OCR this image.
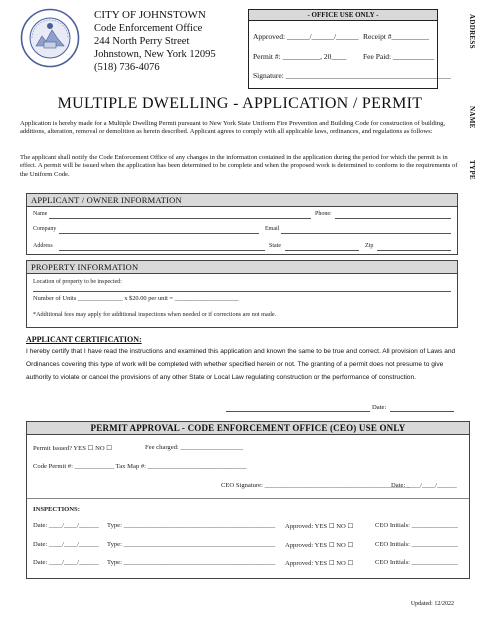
CITY OF JOHNSTOWN
Code Enforcement Office
244 North Perry Street
Johnstown, New York 12095
(518) 736-4076
- OFFICE USE ONLY -
Approved: ______/______/______ Receipt #__________
Permit #: __________, 20____ Fee Paid: ___________
Signature: ____________________________________________
ADDRESS
NAME
TYPE
MULTIPLE DWELLING - APPLICATION / PERMIT
Application is hereby made for a Multiple Dwelling Permit pursuant to New York State Uniform Fire Prevention and Building Code for construction of building, additions, alteration, removal or demolition as herein described. Applicant agrees to comply with all applicable laws, ordinances, and regulations as follows:
The applicant shall notify the Code Enforcement Office of any changes in the information contained in the application during the period for which the permit is in effect. A permit will be issued when the application has been determined to be complete and when the proposed work is determined to conform to the requirements of the Uniform Code.
APPLICANT / OWNER INFORMATION
Name	Phone:
Company	Email
Address	State	Zip
PROPERTY INFORMATION
Location of property to be inspected:
Number of Units ______________ x $20.00 per unit = ____________________
*Additional fees may apply for additional inspections when needed or if corrections are not made.
APPLICANT CERTIFICATION:
I hereby certify that I have read the instructions and examined this application and known the same to be true and correct. All provision of Laws and Ordinances covering this type of work will be completed with whether specified herein or not. The granting of a permit does not presume to give authority to violate or cancel the provisions of any other State or Local Law regulating construction or the performance of construction.
Date:
PERMIT APPROVAL - CODE ENFORCEMENT OFFICE (CEO) USE ONLY
Permit Issued? YES ☐ NO ☐	Fee charged: ___________________
Code Permit #: ____________ Tax Map #: ______________________________
CEO Signature: ____________________________________________
Date: ____/____/______
INSPECTIONS:
Date: ____/____/______ Type: ______________________________________________ Approved: YES ☐ NO ☐	CEO Initials: ______________
Date: ____/____/______ Type: ______________________________________________ Approved: YES ☐ NO ☐	CEO Initials: ______________
Date: ____/____/______ Type: ______________________________________________ Approved: YES ☐ NO ☐	CEO Initials: ______________
Updated: 12/2022
